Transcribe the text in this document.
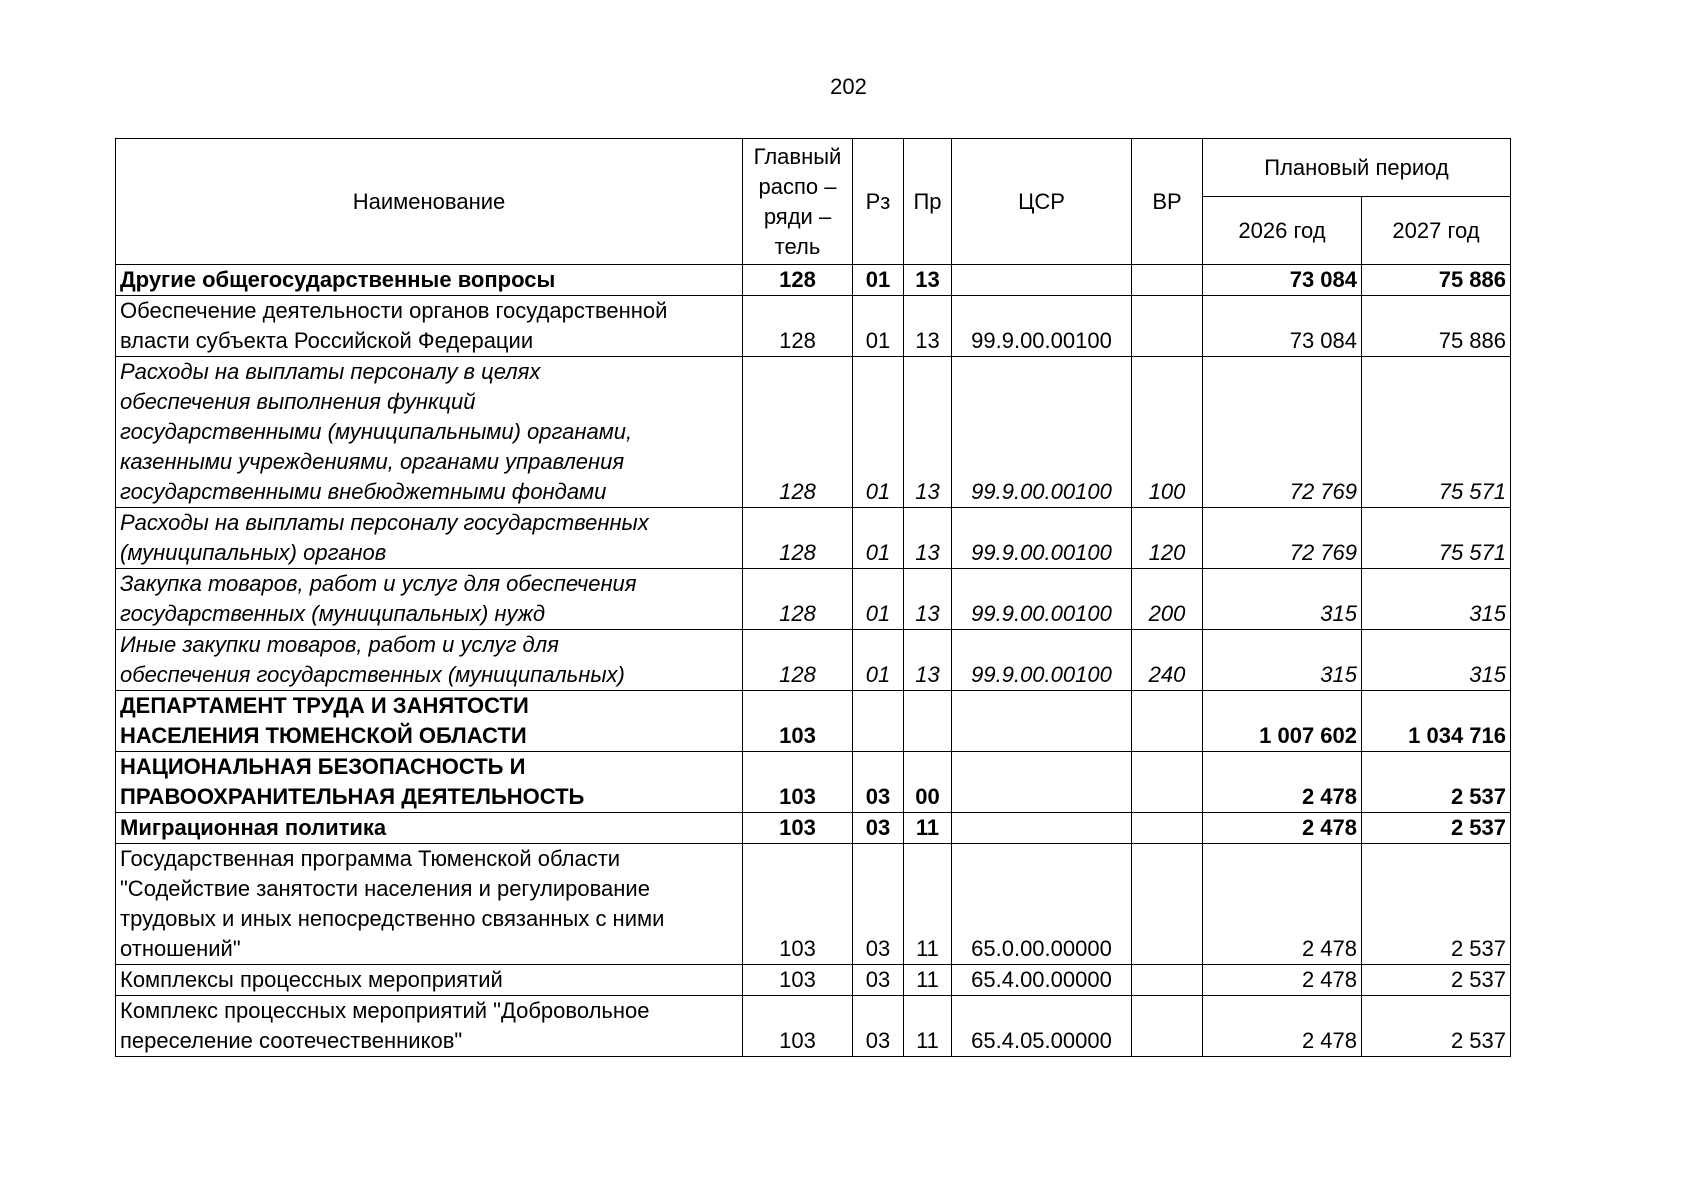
202
Наименование	Главный
распо –
ряди –
тель	Рз	Пр	ЦСР	ВР	Плановый период	
						2026 год	2027 год
Другие общегосударственные вопросы	128	01	13			73 084	75 886
Обеспечение деятельности органов государственной
власти субъекта Российской Федерации	128	01	13	99.9.00.00100		73 084	75 886
Расходы на выплаты персоналу в целях
обеспечения выполнения функций
государственными (муниципальными) органами,
казенными учреждениями, органами управления
государственными внебюджетными фондами	128	01	13	99.9.00.00100	100	72 769	75 571
Расходы на выплаты персоналу государственных
(муниципальных) органов	128	01	13	99.9.00.00100	120	72 769	75 571
Закупка товаров, работ и услуг для обеспечения
государственных (муниципальных) нужд	128	01	13	99.9.00.00100	200	315	315
Иные закупки товаров, работ и услуг для
обеспечения государственных (муниципальных)	128	01	13	99.9.00.00100	240	315	315
ДЕПАРТАМЕНТ ТРУДА И ЗАНЯТОСТИ
НАСЕЛЕНИЯ ТЮМЕНСКОЙ ОБЛАСТИ	103					1 007 602	1 034 716
НАЦИОНАЛЬНАЯ БЕЗОПАСНОСТЬ И
ПРАВООХРАНИТЕЛЬНАЯ ДЕЯТЕЛЬНОСТЬ	103	03	00			2 478	2 537
Миграционная политика	103	03	11			2 478	2 537
Государственная программа Тюменской области
"Содействие занятости населения и регулирование
трудовых и иных непосредственно связанных с ними
отношений"	103	03	11	65.0.00.00000		2 478	2 537
Комплексы процессных мероприятий	103	03	11	65.4.00.00000		2 478	2 537
Комплекс процессных мероприятий "Добровольное
переселение соотечественников"	103	03	11	65.4.05.00000		2 478	2 537
